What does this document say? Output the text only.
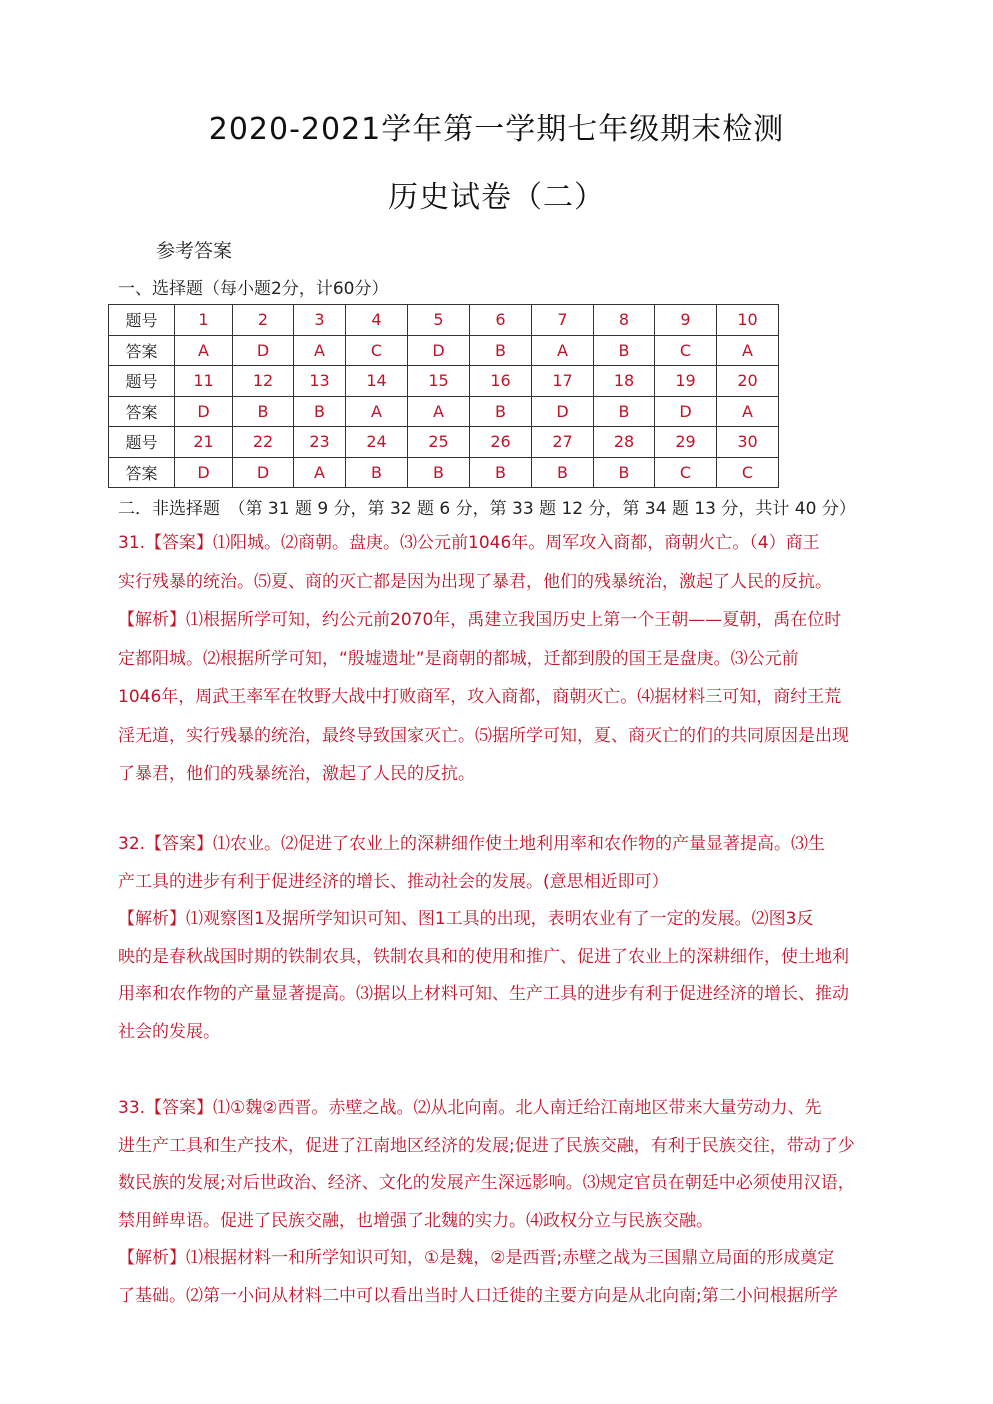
2020-2021学年第一学期七年级期末检测
历史试卷（二）
参考答案
一、选择题（每小题2分，计60分）
题号	1	2	3	4	5	6	7	8	9	10
答案	A	D	A	C	D	B	A	B	C	A
题号	11	12	13	14	15	16	17	18	19	20
答案	D	B	B	A	A	B	D	B	D	A
题号	21	22	23	24	25	26	27	28	29	30
答案	D	D	A	B	B	B	B	B	C	C
二．非选择题　（第 31 题 9 分，第 32 题 6 分，第 33 题 12 分，第 34 题 13 分，共计 40 分）
31.【答案】⑴阳城。⑵商朝。盘庚。⑶公元前1046年。周军攻入商都，商朝火亡。（4）商王
实行残暴的统治。⑸夏、商的灭亡都是因为出现了暴君，他们的残暴统治，激起了人民的反抗。
【解析】⑴根据所学可知，约公元前2070年，禹建立我国历史上第一个王朝——夏朝，禹在位时
定都阳城。⑵根据所学可知，“殷墟遗址”是商朝的都城，迁都到殷的国王是盘庚。⑶公元前
1046年，周武王率军在牧野大战中打败商军，攻入商都，商朝灭亡。⑷据材料三可知，商纣王荒
淫无道，实行残暴的统治，最终导致国家灭亡。⑸据所学可知，夏、商灭亡的们的共同原因是出现
了暴君，他们的残暴统治，激起了人民的反抗。
32.【答案】⑴农业。⑵促进了农业上的深耕细作使土地利用率和农作物的产量显著提高。⑶生
产工具的进步有利于促进经济的增长、推动社会的发展。(意思相近即可）
【解析】⑴观察图1及据所学知识可知、图1工具的出现，表明农业有了一定的发展。⑵图3反
映的是春秋战国时期的铁制农具，铁制农具和的使用和推广、促进了农业上的深耕细作，使土地利
用率和农作物的产量显著提高。⑶据以上材料可知、生产工具的进步有利于促进经济的增长、推动
社会的发展。
33.【答案】⑴①魏②西晋。赤壁之战。⑵从北向南。北人南迁给江南地区带来大量劳动力、先
进生产工具和生产技术，促进了江南地区经济的发展;促进了民族交融，有利于民族交往，带动了少
数民族的发展;对后世政治、经济、文化的发展产生深远影响。⑶规定官员在朝廷中必须使用汉语，
禁用鲜卑语。促进了民族交融，也增强了北魏的实力。⑷政权分立与民族交融。
【解析】⑴根据材料一和所学知识可知，①是魏，②是西晋;赤壁之战为三国鼎立局面的形成奠定
了基础。⑵第一小问从材料二中可以看出当时人口迁徙的主要方向是从北向南;第二小问根据所学
